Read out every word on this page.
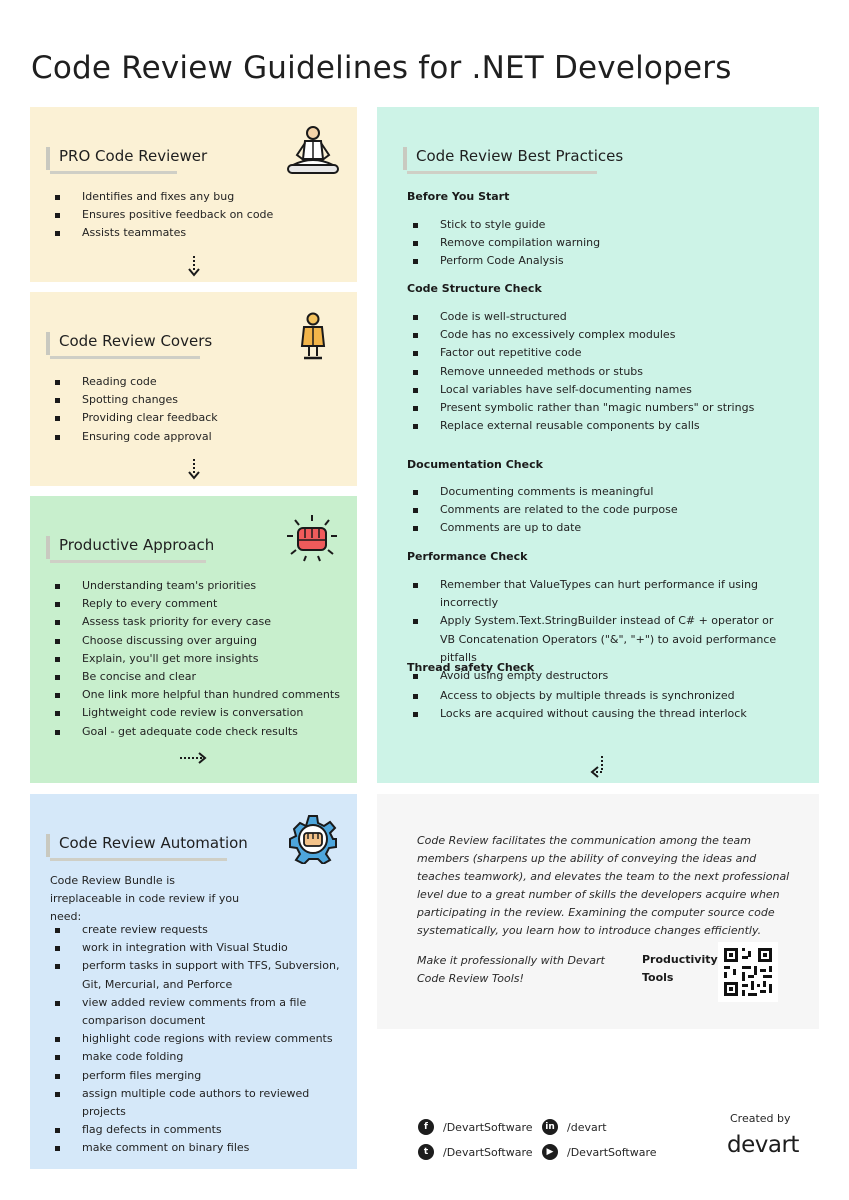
Code Review Guidelines for .NET Developers
PRO Code Reviewer
Identifies and fixes any bug
Ensures positive feedback on code
Assists teammates
Code Review Covers
Reading code
Spotting changes
Providing clear feedback
Ensuring code approval
Productive Approach
Understanding team's priorities
Reply to every comment
Assess task priority for every case
Choose discussing over arguing
Explain, you'll get more insights
Be concise and clear
One link more helpful than hundred comments
Lightweight code review is conversation
Goal - get adequate code check results
Code Review Best Practices
Before You Start
Stick to style guide
Remove compilation warning
Perform Code Analysis
Code Structure Check
Code is well-structured
Code has no excessively complex modules
Factor out repetitive code
Remove unneeded methods or stubs
Local variables have self-documenting names
Present symbolic rather than "magic numbers" or strings
Replace external reusable components by calls
Documentation Check
Documenting comments is meaningful
Comments are related to the code purpose
Comments are up to date
Performance Check
Remember that ValueTypes can hurt performance if using incorrectly
Apply System.Text.StringBuilder instead of C# + operator or VB Concatenation Operators ("&", "+") to avoid performance pitfalls
Avoid using empty destructors
Thread safety Check
Access to objects by multiple threads is synchronized
Locks are acquired without causing the thread interlock
Code Review Automation
Code Review Bundle is irreplaceable in code review if you need:
create review requests
work in integration with Visual Studio
perform tasks in support with TFS, Subversion, Git, Mercurial, and Perforce
view added review comments from a file comparison document
highlight code regions with review comments
make code folding
perform files merging
assign multiple code authors to reviewed projects
flag defects in comments
make comment on binary files
Code Review facilitates the communication among the team members (sharpens up the ability of conveying the ideas and teaches teamwork), and elevates the team to the next professional level due to a great number of skills the developers acquire when participating in the review. Examining the computer source code systematically, you learn how to introduce changes efficiently.
Make it professionally with Devart Code Review Tools!
Productivity
Tools
f	/DevartSoftware	in /devart
t	/DevartSoftware	▶	/DevartSoftware
Created by
devart
